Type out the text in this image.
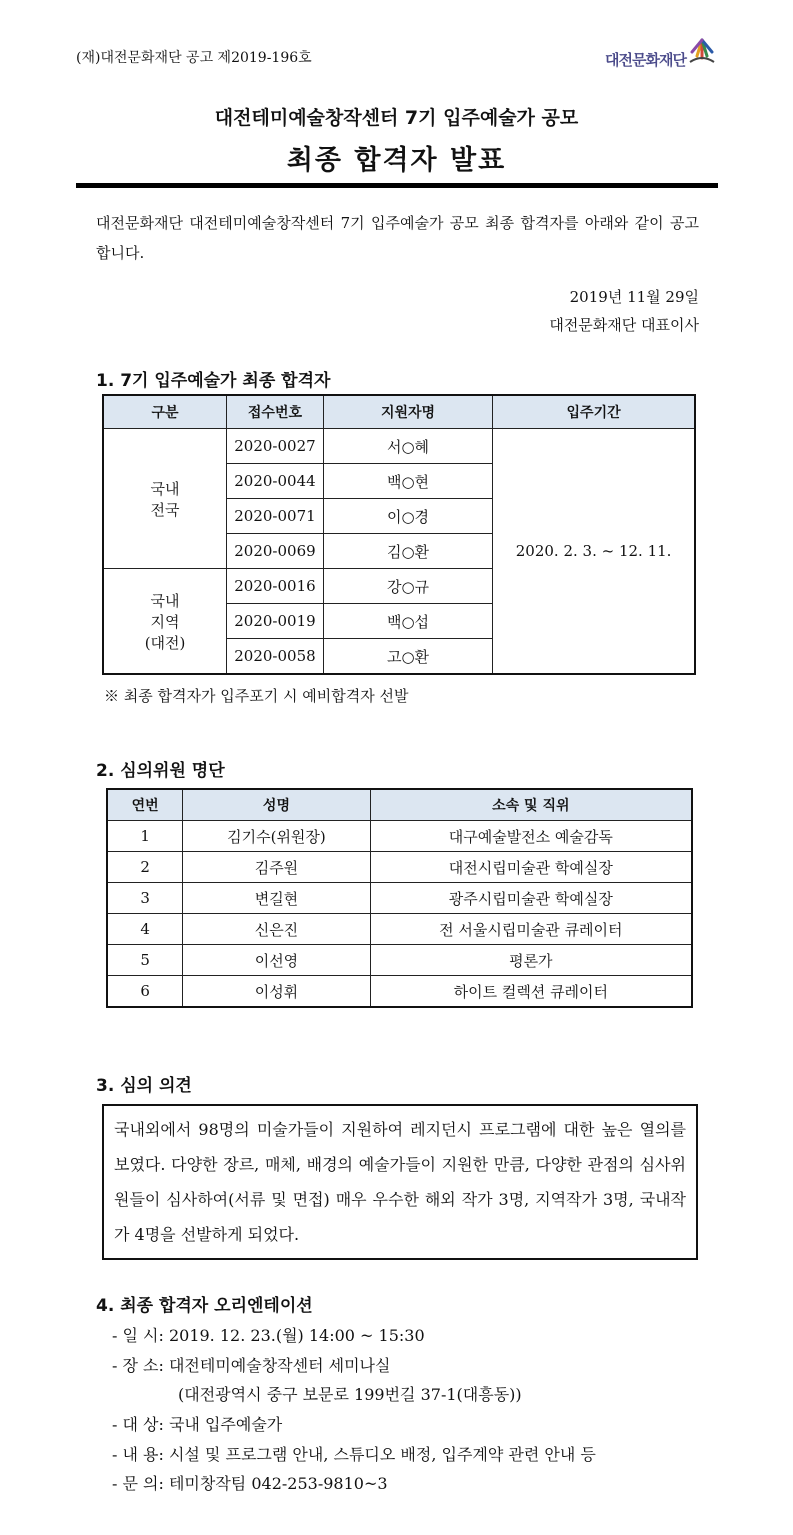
(재)대전문화재단 공고 제2019-196호	대전문화재단
대전테미예술창작센터 7기 입주예술가 공모
최종 합격자 발표
대전문화재단 대전테미예술창작센터 7기 입주예술가 공모 최종 합격자를 아래와 같이 공고합니다.
2019년 11월 29일
대전문화재단 대표이사
1. 7기 입주예술가 최종 합격자
구분	접수번호	지원자명	입주기간

국내
전국	2020-0027	서○혜	2020. 2. 3. ~ 12. 11.
	2020-0044	백○현	
	2020-0071	이○경	
	2020-0069	김○환	

국내
지역
(대전)	2020-0016	강○규	
	2020-0019	백○섭	
	2020-0058	고○환	
※ 최종 합격자가 입주포기 시 예비합격자 선발
2. 심의위원 명단
연번	성명	소속 및 직위
1	김기수(위원장)	대구예술발전소 예술감독
2	김주원	대전시립미술관 학예실장
3	변길현	광주시립미술관 학예실장
4	신은진	전 서울시립미술관 큐레이터
5	이선영	평론가
6	이성휘	하이트 컬렉션 큐레이터
3. 심의 의견
국내외에서 98명의 미술가들이 지원하여 레지던시 프로그램에 대한 높은 열의를 보였다. 다양한 장르, 매체, 배경의 예술가들이 지원한 만큼, 다양한 관점의 심사위원들이 심사하여(서류 및 면접) 매우 우수한 해외 작가 3명, 지역작가 3명, 국내작가 4명을 선발하게 되었다.
4. 최종 합격자 오리엔테이션
- 일 시: 2019. 12. 23.(월) 14:00 ~ 15:30
- 장 소: 대전테미예술창작센터 세미나실
(대전광역시 중구 보문로 199번길 37-1(대흥동))
- 대 상: 국내 입주예술가
- 내 용: 시설 및 프로그램 안내, 스튜디오 배정, 입주계약 관련 안내 등
- 문 의: 테미창작팀 042-253-9810~3
